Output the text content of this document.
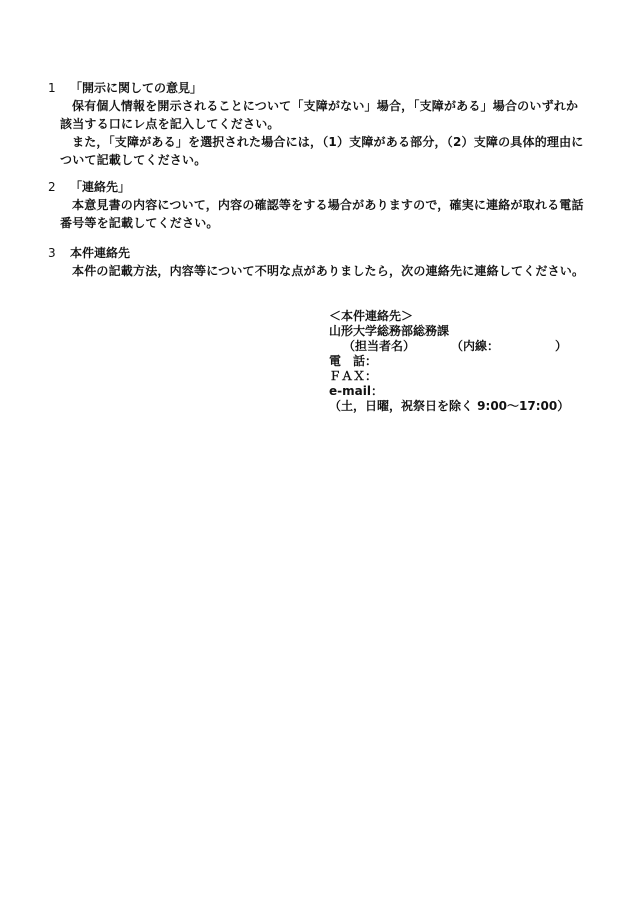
1 「開示に関しての意見」

保有個人情報を開示されることについて「支障がない」場合，「支障がある」場合のいずれか該当する口にレ点を記入してください。

また，「支障がある」を選択された場合には，（1）支障がある部分，（2）支障の具体的理由について記載してください。

2 「連絡先」

本意見書の内容について，内容の確認等をする場合がありますので，確実に連絡が取れる電話番号等を記載してください。

3 本件連絡先

本件の記載方法，内容等について不明な点がありましたら，次の連絡先に連絡してください。

＜本件連絡先＞
山形大学総務部総務課
（担当者名）	（内線：	）
電　話：
ＦＡＸ：
e-mail：
（土，日曜，祝祭日を除く 9:00～17:00）
